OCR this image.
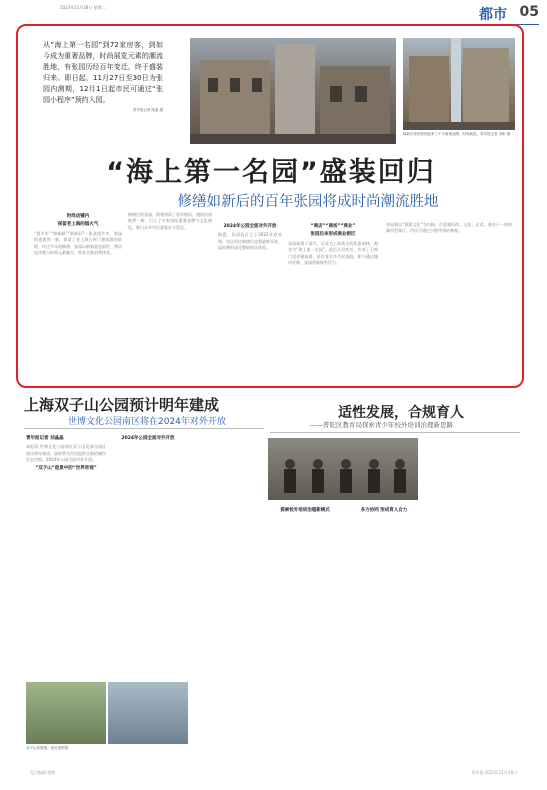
2023年11月28日 星期二	都市 05
从“海上第一名园”到72家房客，到如今成为重奢品牌，时尚展览元素的潮流胜地，有张园历经百年变迁，终于盛装归来。即日起，11月27日至30日为张园内测期，12月1日起市民可通过“张园小程序”预约入园。
青年报记者 陈嘉 摄
焕新归来的张园迎来了不少重奢品牌、时尚展览。青年报记者 刘昕 摄
“海上第一名园”盛装回归
修缮如新后的百年张园将成时尚潮流胜地
时尚店铺内
保留老上海的烟火气
“很多年”“换新颜”“新新旧”一张张图片中，张园街道焕然一新，保留了老上海石库门建筑群的肌理。经过多年的修缮，张园以崭新姿态面世，将历史风貌与时尚元素融合，带来全新消费体验。
修缮后的张园，街巷保留了原有格局，建筑内部焕然一新，引入了多家国际重奢品牌与文化展览，吸引众多市民游客打卡留念。	2024年公园全面对外开放
据悉，张园西区已于2022年底亮相，东区经过修缮后也将陆续开放，届时将形成完整的街区体验。
“商店”“商场”“商业”
张园后来形成商业街区
张园始建于清代，后成为上海著名的私家园林，被誉为“海上第一名园”。此后几经变迁，形成了石库门里弄建筑群，居住着众多市民家庭。如今通过城市更新，张园重新焕发活力。
张园将以“海派文化”为内核，打造集时尚、文化、艺术、商业于一体的城市会客厅，市民可通过小程序预约参观。
上海双子山公园预计明年建成
世博文化公园南区将在2024年对外开放
青年报记者 刘晶晶
本报讯 世博文化公园南区双子山及部分园区预计明年建成，届时将为市民提供全新的城市生态空间。2024年公园全面对外开放。
“双子山”造景中的“世界奇观”
2024年公园全面对外开放
双子山效果图。受访者供图
适性发展，合规育人
——普陀区教育局探索青少年校外培训治理新思路
探索校外培训治理新模式	多方协同 形成育人合力
见习编辑 徐晓	青年报 2023年11月28日
